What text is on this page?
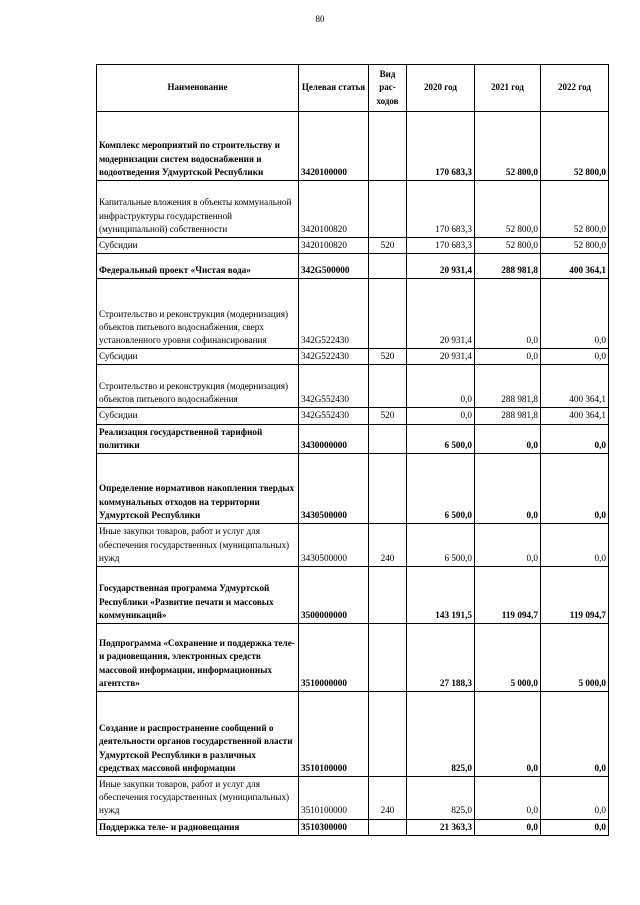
80
Наименование	Целевая статья	Вид рас-ходов	2020 год	2021 год	2022 год
Комплекс мероприятий по строительству и модернизации систем водоснабжения и водоотведения Удмуртской Республики	3420100000		170 683,3	52 800,0	52 800,0
Капитальные вложения в объекты коммунальной инфраструктуры государственной (муниципальной) собственности	3420100820		170 683,3	52 800,0	52 800,0
Субсидии	3420100820	520	170 683,3	52 800,0	52 800,0
Федеральный проект «Чистая вода»	342G500000		20 931,4	288 981,8	400 364,1
Строительство и реконструкция (модернизация) объектов питьевого водоснабжения, сверх установленного уровня софинансирования	342G522430		20 931,4	0,0	0,0
Субсидии	342G522430	520	20 931,4	0,0	0,0
Строительство и реконструкция (модернизация) объектов питьевого водоснабжения	342G552430		0,0	288 981,8	400 364,1
Субсидии	342G552430	520	0,0	288 981,8	400 364,1
Реализация государственной тарифной политики	3430000000		6 500,0	0,0	0,0
Определение нормативов накопления твердых коммунальных отходов на территории Удмуртской Республики	3430500000		6 500,0	0,0	0,0
Иные закупки товаров, работ и услуг для обеспечения государственных (муниципальных) нужд	3430500000	240	6 500,0	0,0	0,0
Государственная программа Удмуртской Республики «Развитие печати и массовых коммуникаций»	3500000000		143 191,5	119 094,7	119 094,7
Подпрограмма «Сохранение и поддержка теле- и радиовещания, электронных средств массовой информации, информационных агентств»	3510000000		27 188,3	5 000,0	5 000,0
Создание и распространение сообщений о деятельности органов государственной власти Удмуртской Республики в различных средствах массовой информации	3510100000		825,0	0,0	0,0
Иные закупки товаров, работ и услуг для обеспечения государственных (муниципальных) нужд	3510100000	240	825,0	0,0	0,0
Поддержка теле- и радиовещания	3510300000		21 363,3	0,0	0,0
